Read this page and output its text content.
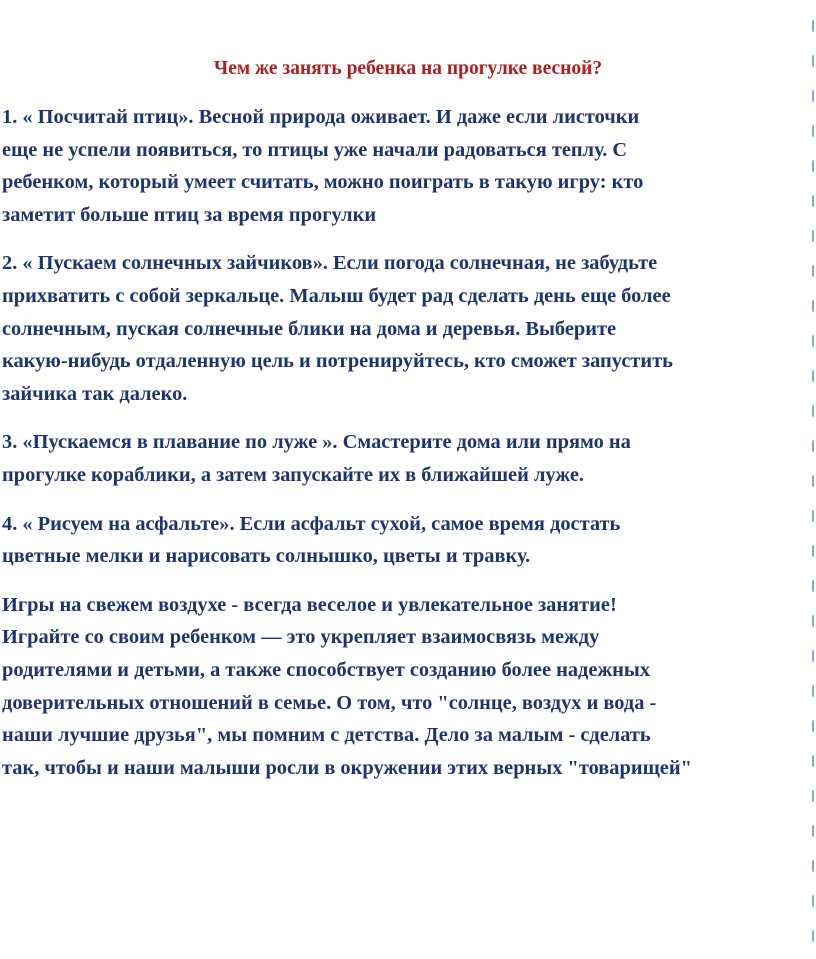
Чем же занять ребенка на прогулке весной?

1. « Посчитай птиц». Весной природа оживает. И даже если листочки
еще не успели появиться, то птицы уже начали радоваться теплу. С
ребенком, который умеет считать, можно поиграть в такую игру: кто
заметит больше птиц за время прогулки

2. « Пускаем солнечных зайчиков». Если погода солнечная, не забудьте
прихватить с собой зеркальце. Малыш будет рад сделать день еще более
солнечным, пуская солнечные блики на дома и деревья. Выберите
какую-нибудь отдаленную цель и потренируйтесь, кто сможет запустить
зайчика так далеко.

3. «Пускаемся в плавание по луже ». Смастерите дома или прямо на
прогулке кораблики, а затем запускайте их в ближайшей луже.

4. « Рисуем на асфальте». Если асфальт сухой, самое время достать
цветные мелки и нарисовать солнышко, цветы и травку.

Игры на свежем воздухе - всегда веселое и увлекательное занятие!
Играйте со своим ребенком — это укрепляет взаимосвязь между
родителями и детьми, а также способствует созданию более надежных
доверительных отношений в семье. О том, что "солнце, воздух и вода -
наши лучшие друзья", мы помним с детства. Дело за малым - сделать
так, чтобы и наши малыши росли в окружении этих верных "товарищей"
